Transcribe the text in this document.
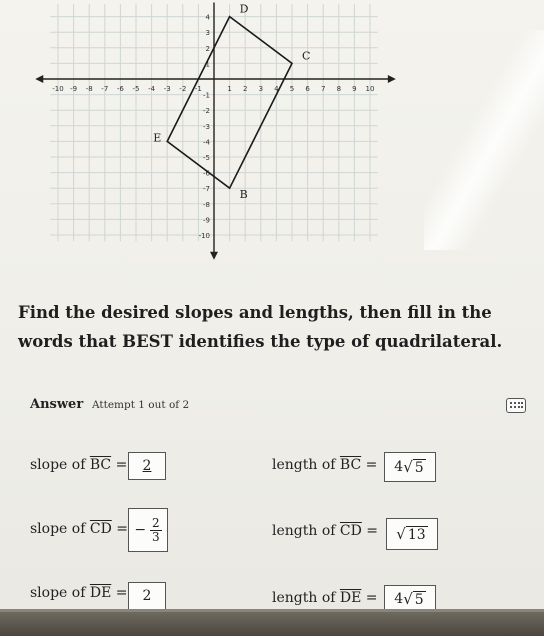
-10 -9 -8 -7 -6 -5 -4 -3 -2 -1	1 2 3 4 5 6 7 8 9 10
4
3
2
1
-1
-2
-3
-4
-5
-6
-7
-8
-9
-10
D
C
B
E
Find the desired slopes and lengths, then fill in the words that BEST identifies the type of quadrilateral.
Answer Attempt 1 out of 2
slope of $\overline{BC} = 2$	length of $\overline{BC} = 4$ √ 5
slope of $\overline{CD}$ = − $\frac{2}{3}$	length of $\overline{CD}$ = √ 13
slope of $\overline{DE} = 2$	length of $\overline{DE} = 4$ √ 5
